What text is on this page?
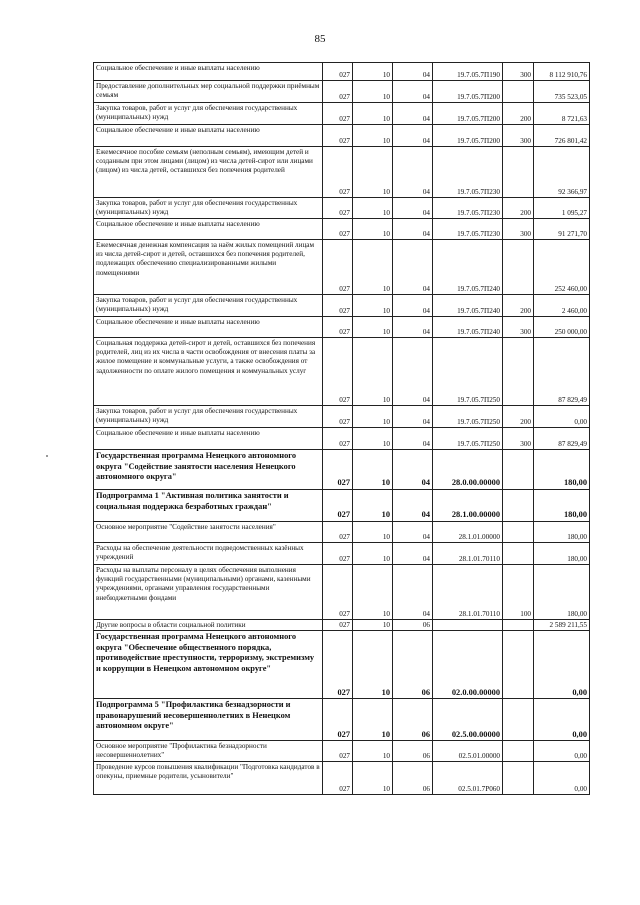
85
Социальное обеспечение и иные выплаты населению	027	10	04	19.7.05.7П190	300	8 112 910,76
Предоставление дополнительных мер социальной поддержки приёмным семьям	027	10	04	19.7.05.7П200		735 523,05
Закупка товаров, работ и услуг для обеспечения государственных (муниципальных) нужд	027	10	04	19.7.05.7П200	200	8 721,63
Социальное обеспечение и иные выплаты населению	027	10	04	19.7.05.7П200	300	726 801,42
Ежемесячное пособие семьям (неполным семьям), имеющим детей и созданным при этом лицами (лицом) из числа детей-сирот или лицами (лицом) из числа детей, оставшихся без попечения родителей	027	10	04	19.7.05.7П230		92 366,97
Закупка товаров, работ и услуг для обеспечения государственных (муниципальных) нужд	027	10	04	19.7.05.7П230	200	1 095,27
Социальное обеспечение и иные выплаты населению	027	10	04	19.7.05.7П230	300	91 271,70
Ежемесячная денежная компенсация за наём жилых помещений лицам из числа детей-сирот и детей, оставшихся без попечения родителей, подлежащих обеспечению специализированными жилыми помещениями	027	10	04	19.7.05.7П240		252 460,00
Закупка товаров, работ и услуг для обеспечения государственных (муниципальных) нужд	027	10	04	19.7.05.7П240	200	2 460,00
Социальное обеспечение и иные выплаты населению	027	10	04	19.7.05.7П240	300	250 000,00
Социальная поддержка детей-сирот и детей, оставшихся без попечения родителей, лиц из их числа в части освобождения от внесения платы за жилое помещение и коммунальные услуги, а также освобождения от задолженности по оплате жилого помещения и коммунальных услуг	027	10	04	19.7.05.7П250		87 829,49
Закупка товаров, работ и услуг для обеспечения государственных (муниципальных) нужд	027	10	04	19.7.05.7П250	200	0,00
Социальное обеспечение и иные выплаты населению	027	10	04	19.7.05.7П250	300	87 829,49
Государственная программа Ненецкого автономного округа "Содействие занятости населения Ненецкого автономного округа"	027	10	04	28.0.00.00000		180,00
Подпрограмма 1 "Активная политика занятости и социальная поддержка безработных граждан"	027	10	04	28.1.00.00000		180,00
Основное мероприятие "Содействие занятости населения"	027	10	04	28.1.01.00000		180,00
Расходы на обеспечение деятельности подведомственных казённых учреждений	027	10	04	28.1.01.70110		180,00
Расходы на выплаты персоналу в целях обеспечения выполнения функций государственными (муниципальными) органами, казенными учреждениями, органами управления государственными внебюджетными фондами	027	10	04	28.1.01.70110	100	180,00
Другие вопросы в области социальной политики	027	10	06			2 589 211,55
Государственная программа Ненецкого автономного округа "Обеспечение общественного порядка, противодействие преступности, терроризму, экстремизму и коррупции в Ненецком автономном округе"	027	10	06	02.0.00.00000		0,00
Подпрограмма 5 "Профилактика безнадзорности и правонарушений несовершеннолетних в Ненецком автономном округе"	027	10	06	02.5.00.00000		0,00
Основное мероприятие "Профилактика безнадзорности несовершеннолетних"	027	10	06	02.5.01.00000		0,00
Проведение курсов повышения квалификации "Подготовка кандидатов в опекуны, приемные родители, усыновители"	027	10	06	02.5.01.7Р060		0,00
